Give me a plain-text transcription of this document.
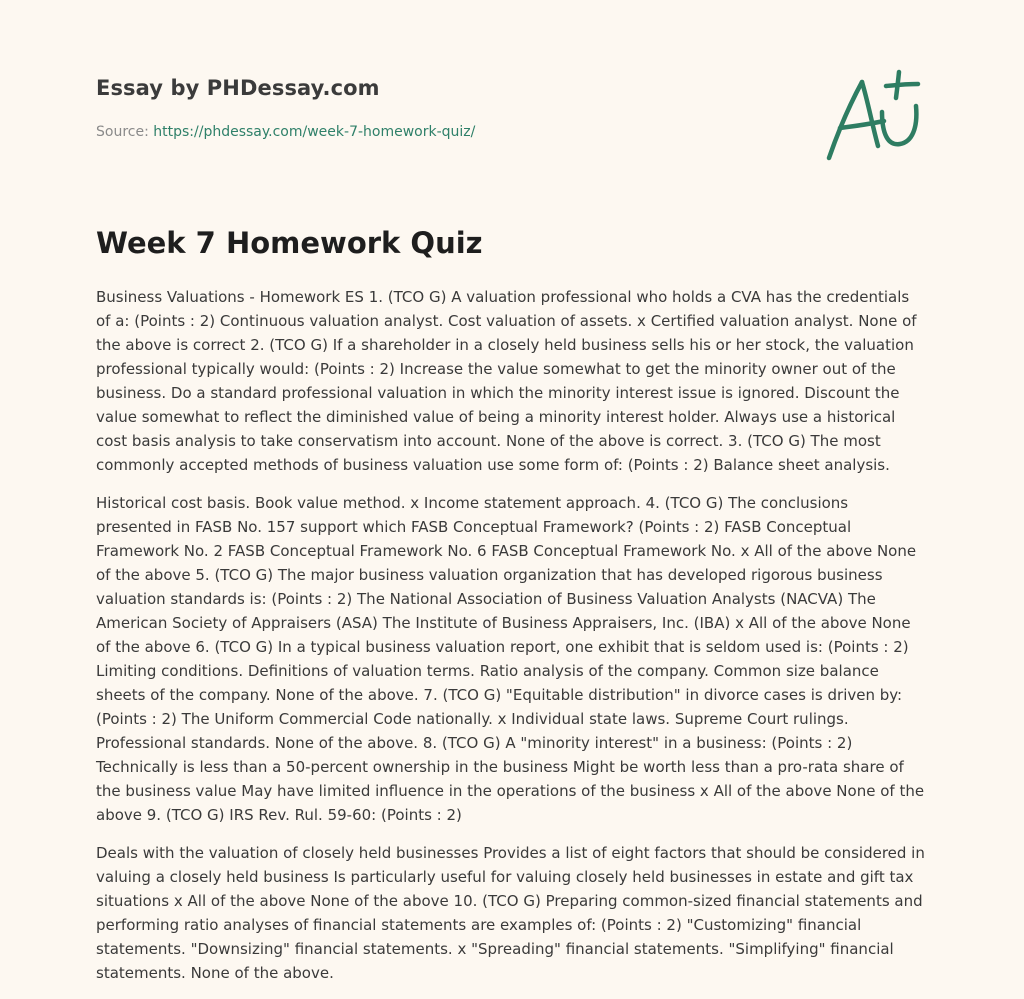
Essay by PHDessay.com
Source: https://phdessay.com/week-7-homework-quiz/
Week 7 Homework Quiz

Business Valuations - Homework ES 1. (TCO G) A valuation professional who holds a CVA has the credentials of a: (Points : 2) Continuous valuation analyst. Cost valuation of assets. x Certified valuation analyst. None of the above is correct 2. (TCO G) If a shareholder in a closely held business sells his or her stock, the valuation professional typically would: (Points : 2) Increase the value somewhat to get the minority owner out of the business. Do a standard professional valuation in which the minority interest issue is ignored. Discount the value somewhat to reflect the diminished value of being a minority interest holder. Always use a historical cost basis analysis to take conservatism into account. None of the above is correct. 3. (TCO G) The most commonly accepted methods of business valuation use some form of: (Points : 2) Balance sheet analysis.

Historical cost basis. Book value method. x Income statement approach. 4. (TCO G) The conclusions presented in FASB No. 157 support which FASB Conceptual Framework? (Points : 2) FASB Conceptual Framework No. 2 FASB Conceptual Framework No. 6 FASB Conceptual Framework No. x All of the above None of the above 5. (TCO G) The major business valuation organization that has developed rigorous business valuation standards is: (Points : 2) The National Association of Business Valuation Analysts (NACVA) The American Society of Appraisers (ASA) The Institute of Business Appraisers, Inc. (IBA) x All of the above None of the above 6. (TCO G) In a typical business valuation report, one exhibit that is seldom used is: (Points : 2) Limiting conditions. Definitions of valuation terms. Ratio analysis of the company. Common size balance sheets of the company. None of the above. 7. (TCO G) "Equitable distribution" in divorce cases is driven by: (Points : 2) The Uniform Commercial Code nationally. x Individual state laws. Supreme Court rulings. Professional standards. None of the above. 8. (TCO G) A "minority interest" in a business: (Points : 2) Technically is less than a 50-percent ownership in the business Might be worth less than a pro-rata share of the business value May have limited influence in the operations of the business x All of the above None of the above 9. (TCO G) IRS Rev. Rul. 59-60: (Points : 2)

Deals with the valuation of closely held businesses Provides a list of eight factors that should be considered in valuing a closely held business Is particularly useful for valuing closely held businesses in estate and gift tax situations x All of the above None of the above 10. (TCO G) Preparing common-sized financial statements and performing ratio analyses of financial statements are examples of: (Points : 2) "Customizing" financial statements. "Downsizing" financial statements. x "Spreading" financial statements. "Simplifying" financial statements. None of the above.
